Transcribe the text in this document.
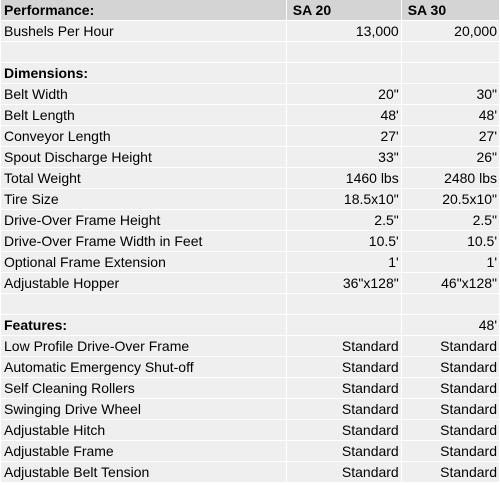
Performance:	SA 20	SA 30
Bushels Per Hour	13,000	20,000

Dimensions:		
Belt Width	20"	30"
Belt Length	48'	48'
Conveyor Length	27'	27'
Spout Discharge Height	33"	26"
Total Weight	1460 lbs	2480 lbs
Tire Size	18.5x10"	20.5x10"
Drive-Over Frame Height	2.5"	2.5"
Drive-Over Frame Width in Feet	10.5'	10.5'
Optional Frame Extension	1'	1'
Adjustable Hopper	36"x128"	46"x128"

Features:		48'
Low Profile Drive-Over Frame	Standard	Standard
Automatic Emergency Shut-off	Standard	Standard
Self Cleaning Rollers	Standard	Standard
Swinging Drive Wheel	Standard	Standard
Adjustable Hitch	Standard	Standard
Adjustable Frame	Standard	Standard
Adjustable Belt Tension	Standard	Standard
